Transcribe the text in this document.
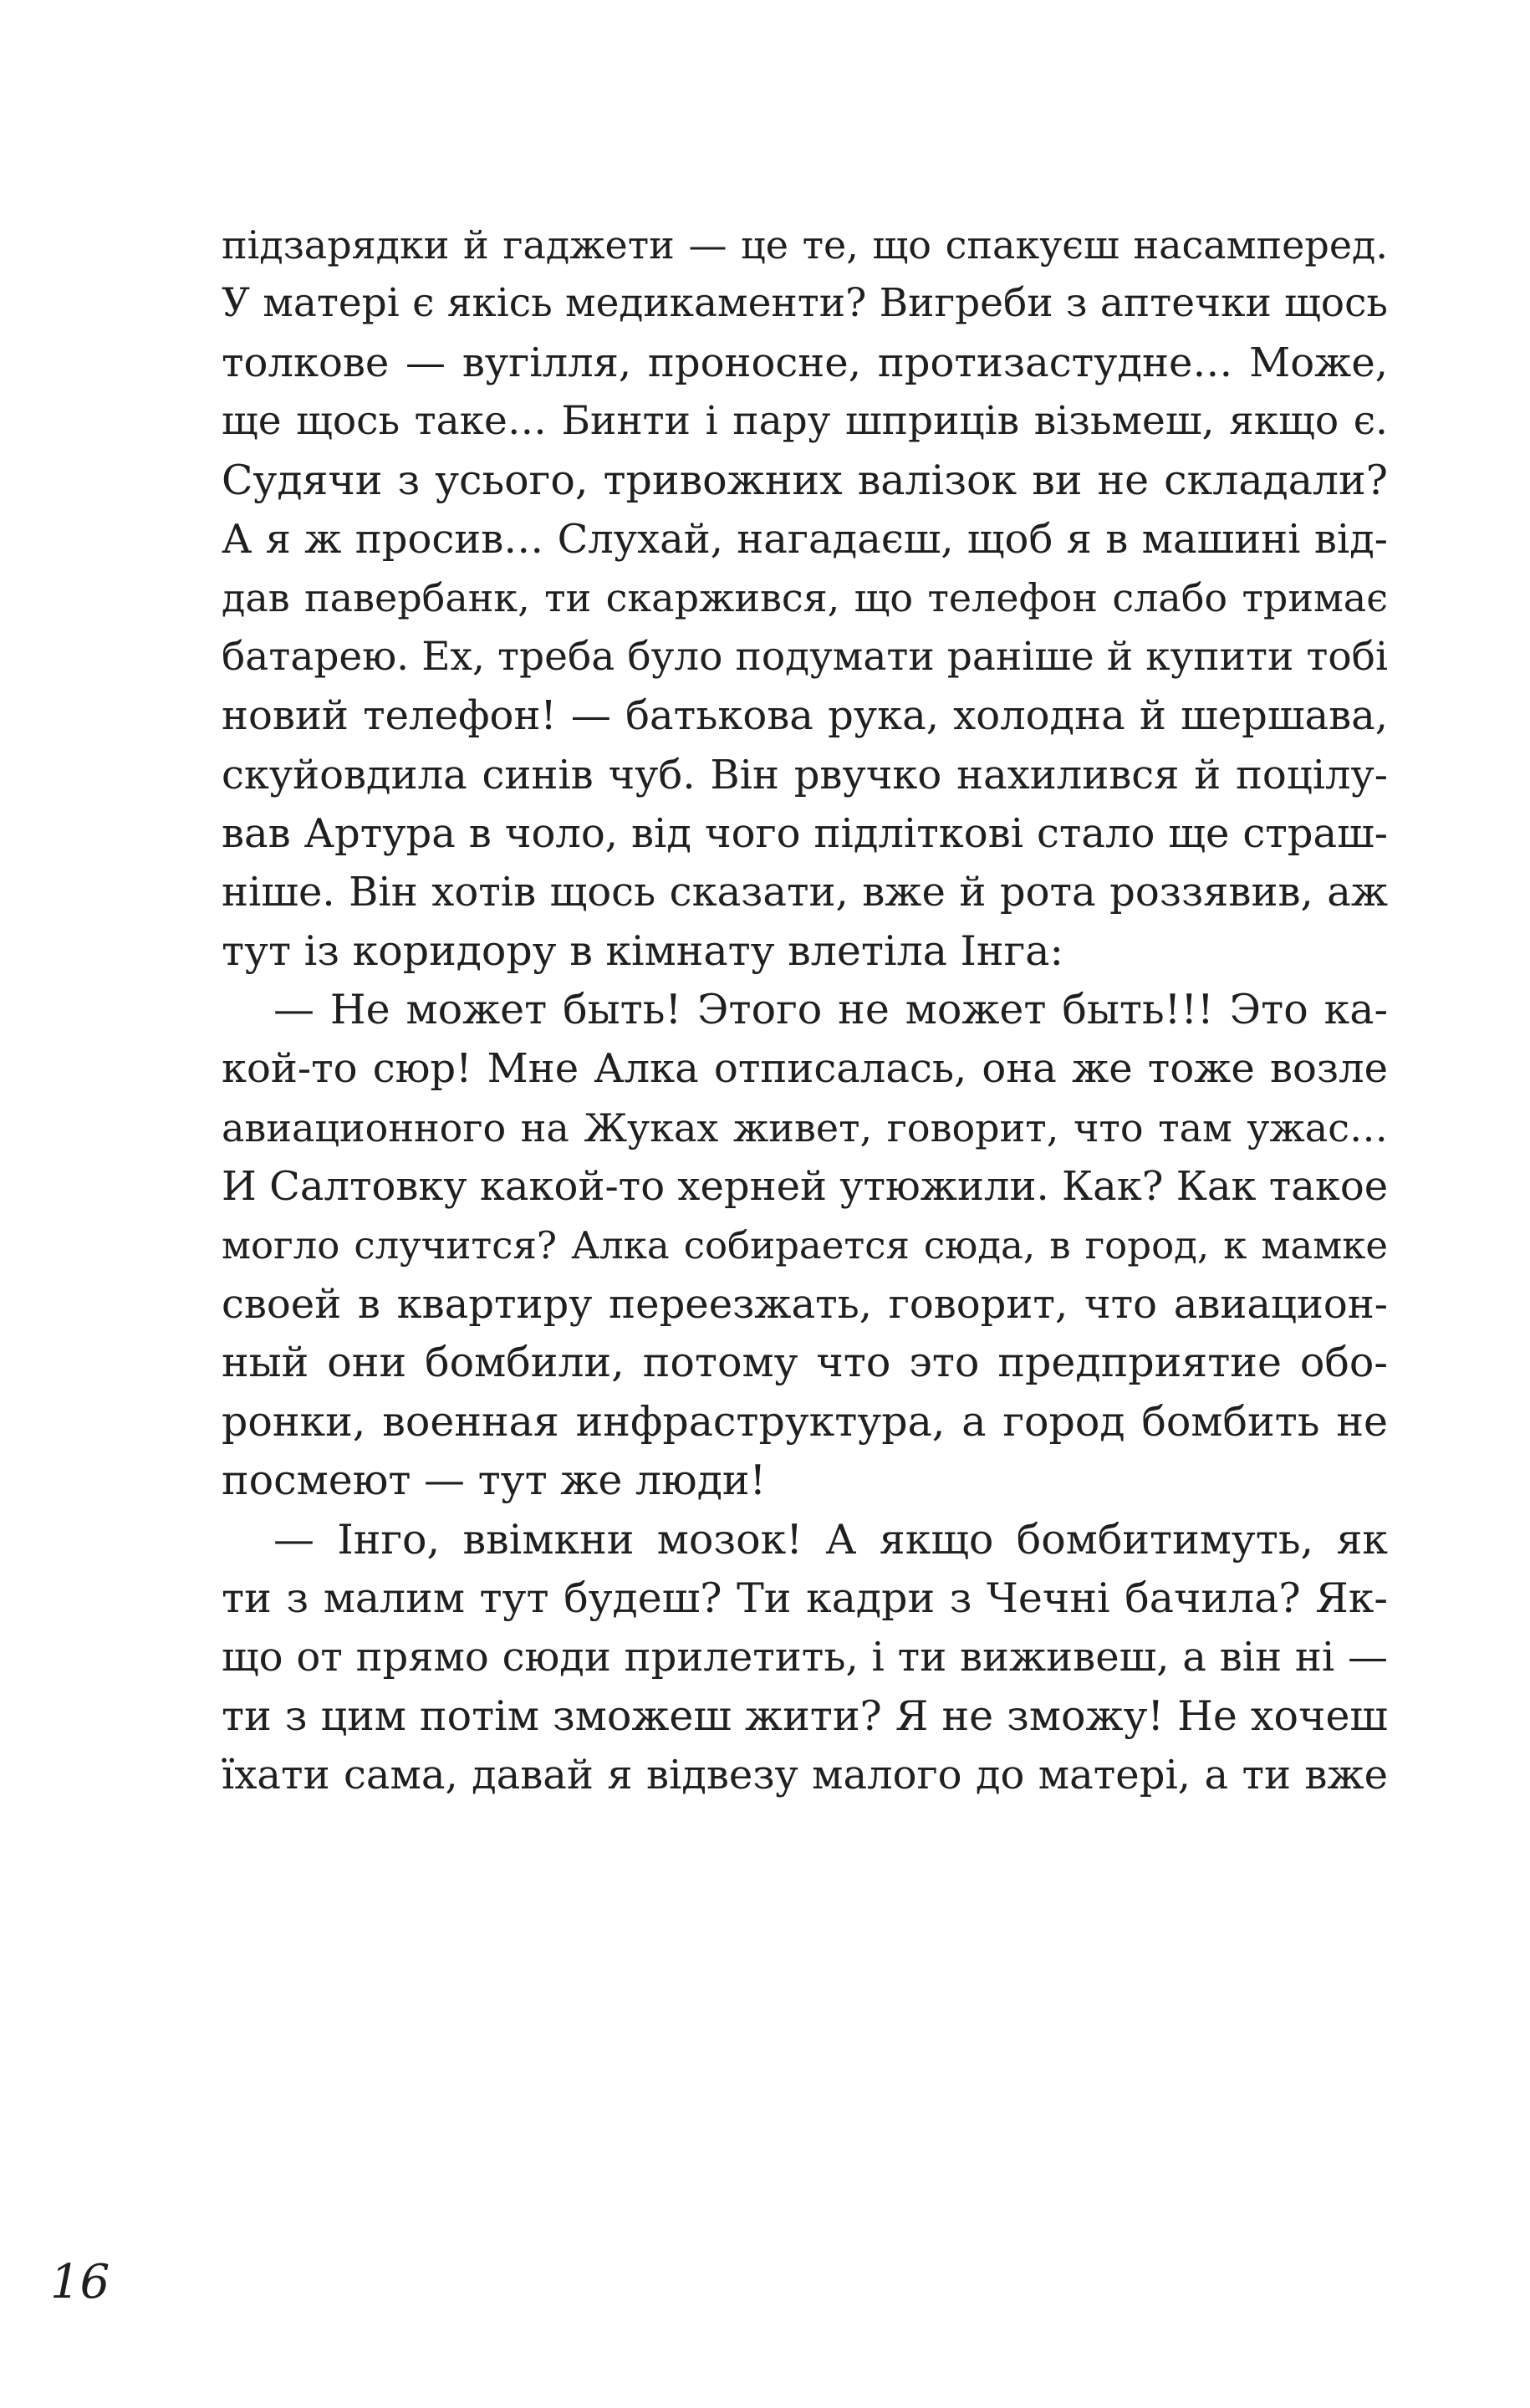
підзарядки й гаджети — це те, що спакуєш насамперед.
У матері є якісь медикаменти? Вигреби з аптечки щось
толкове — вугілля, проносне, протизастудне… Може,
ще щось таке… Бинти і пару шприців візьмеш, якщо є.
Судячи з усього, тривожних валізок ви не складали?
А я ж просив… Слухай, нагадаєш, щоб я в машині від-
дав павербанк, ти скаржився, що телефон слабо тримає
батарею. Ех, треба було подумати раніше й купити тобі
новий телефон! — батькова рука, холодна й шершава,
скуйовдила синів чуб. Він рвучко нахилився й поцілу-
вав Артура в чоло, від чого підліткові стало ще страш-
ніше. Він хотів щось сказати, вже й рота роззявив, аж
тут із коридору в кімнату влетіла Інга:
— Не может быть! Этого не может быть!!! Это ка-
кой-то сюр! Мне Алка отписалась, она же тоже возле
авиационного на Жуках живет, говорит, что там ужас…
И Салтовку какой-то херней утюжили. Как? Как такое
могло случится? Алка собирается сюда, в город, к мамке
своей в квартиру переезжать, говорит, что авиацион-
ный они бомбили, потому что это предприятие обо-
ронки, военная инфраструктура, а город бомбить не
посмеют — тут же люди!
— Інго, ввімкни мозок! А якщо бомбитимуть, як
ти з малим тут будеш? Ти кадри з Чечні бачила? Як-
що от прямо сюди прилетить, і ти виживеш, а він ні —
ти з цим потім зможеш жити? Я не зможу! Не хочеш
їхати сама, давай я відвезу малого до матері, а ти вже
16
